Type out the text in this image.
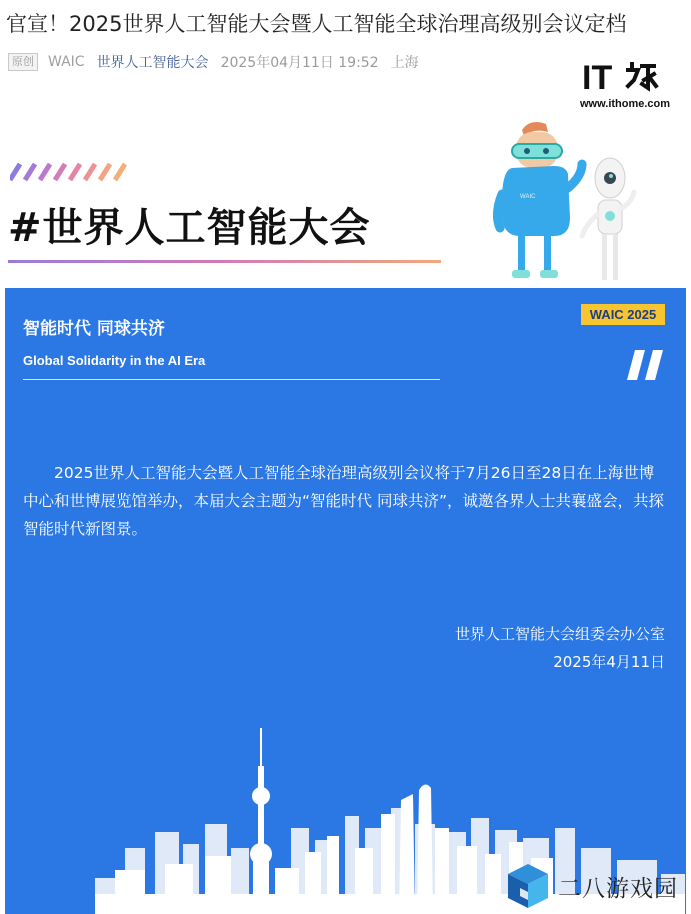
官宣！2025世界人工智能大会暨人工智能全球治理高级别会议定档
原创 WAIC 世界人工智能大会 2025年04月11日 19:52 上海	IT
www.ithome.com
#世界人工智能大会
WAIC
智能时代 同球共济
Global Solidarity in the AI Era
WAIC 2025
2025世界人工智能大会暨人工智能全球治理高级别会议将于7月26日至28日在上海世博中心和世博展览馆举办，本届大会主题为“智能时代 同球共济”，诚邀各界人士共襄盛会，共探智能时代新图景。
世界人工智能大会组委会办公室
2025年4月11日
二八游戏园
